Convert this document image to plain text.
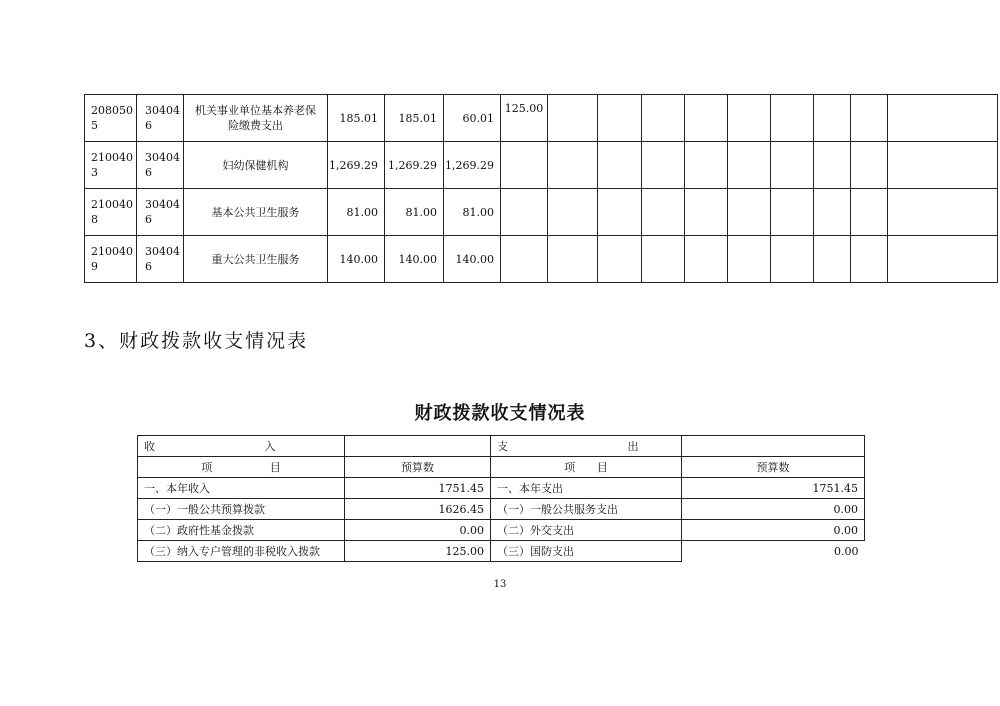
2080505	304046	机关事业单位基本养老保险缴费支出	185.01	185.01	60.01	125.00									
2100403	304046	妇幼保健机构	1,269.29	1,269.29	1,269.29										
2100408	304046	基本公共卫生服务	81.00	81.00	81.00										
2100409	304046	重大公共卫生服务	140.00	140.00	140.00										
3、财政拨款收支情况表
财政拨款收支情况表
收 入		支 出	
项 目	预算数	项 目	预算数
一、本年收入	1751.45	一、本年支出	1751.45
（一）一般公共预算拨款	1626.45	（一）一般公共服务支出	0.00
（二）政府性基金拨款	0.00	（二）外交支出	0.00
（三）纳入专户管理的非税收入拨款	125.00	（三）国防支出	0.00

13
